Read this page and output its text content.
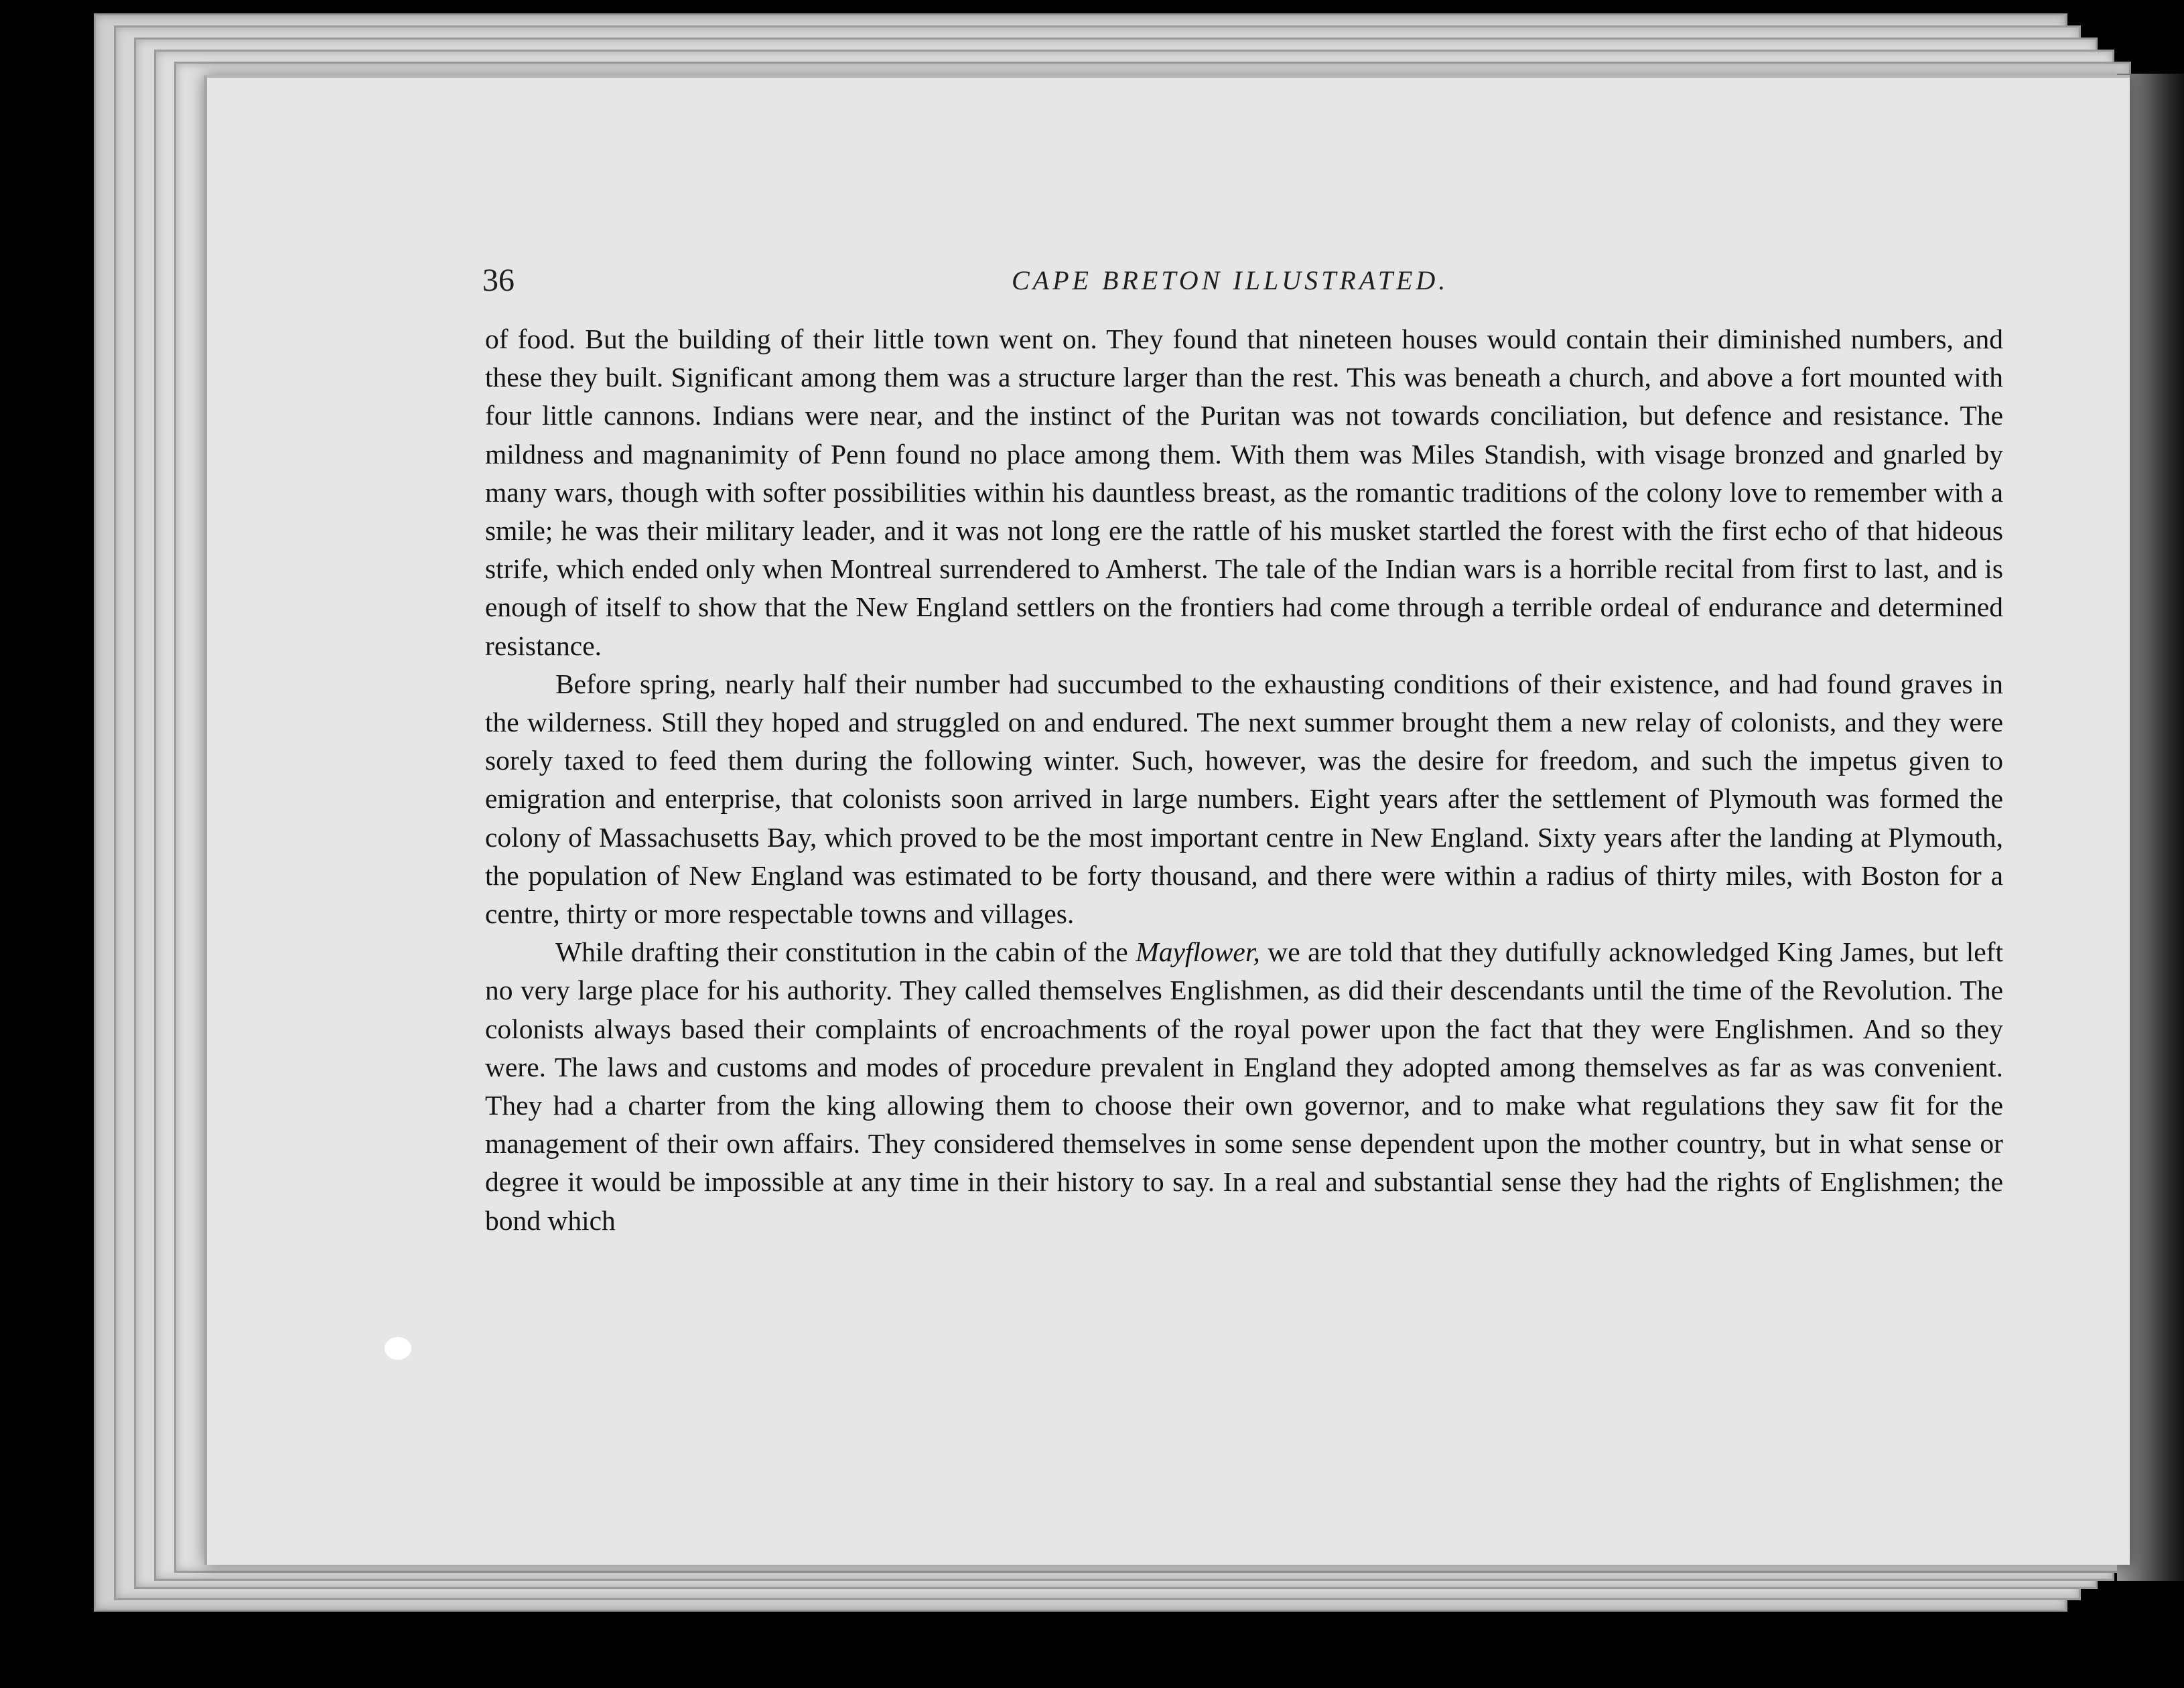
36	CAPE BRETON ILLUSTRATED.

of food. But the building of their little town went on. They found that nineteen houses would contain their diminished numbers, and these they built. Significant among them was a structure larger than the rest. This was beneath a church, and above a fort mounted with four little cannons. Indians were near, and the instinct of the Puritan was not towards conciliation, but defence and resistance. The mildness and magnanimity of Penn found no place among them. With them was Miles Standish, with visage bronzed and gnarled by many wars, though with softer possibilities within his dauntless breast, as the romantic traditions of the colony love to remember with a smile; he was their military leader, and it was not long ere the rattle of his musket startled the forest with the first echo of that hideous strife, which ended only when Montreal surrendered to Amherst. The tale of the Indian wars is a horrible recital from first to last, and is enough of itself to show that the New England settlers on the frontiers had come through a terrible ordeal of endurance and determined resistance.

Before spring, nearly half their number had succumbed to the exhausting conditions of their existence, and had found graves in the wilderness. Still they hoped and struggled on and endured. The next summer brought them a new relay of colonists, and they were sorely taxed to feed them during the following winter. Such, however, was the desire for freedom, and such the impetus given to emigration and enterprise, that colonists soon arrived in large numbers. Eight years after the settlement of Plymouth was formed the colony of Massachusetts Bay, which proved to be the most important centre in New England. Sixty years after the landing at Plymouth, the population of New England was estimated to be forty thousand, and there were within a radius of thirty miles, with Boston for a centre, thirty or more respectable towns and villages.

While drafting their constitution in the cabin of the Mayflower, we are told that they dutifully acknowledged King James, but left no very large place for his authority. They called themselves Englishmen, as did their descendants until the time of the Revolution. The colonists always based their complaints of encroachments of the royal power upon the fact that they were Englishmen. And so they were. The laws and customs and modes of procedure prevalent in England they adopted among themselves as far as was convenient. They had a charter from the king allowing them to choose their own governor, and to make what regulations they saw fit for the management of their own affairs. They considered themselves in some sense dependent upon the mother country, but in what sense or degree it would be impossible at any time in their history to say. In a real and substantial sense they had the rights of Englishmen; the bond which
